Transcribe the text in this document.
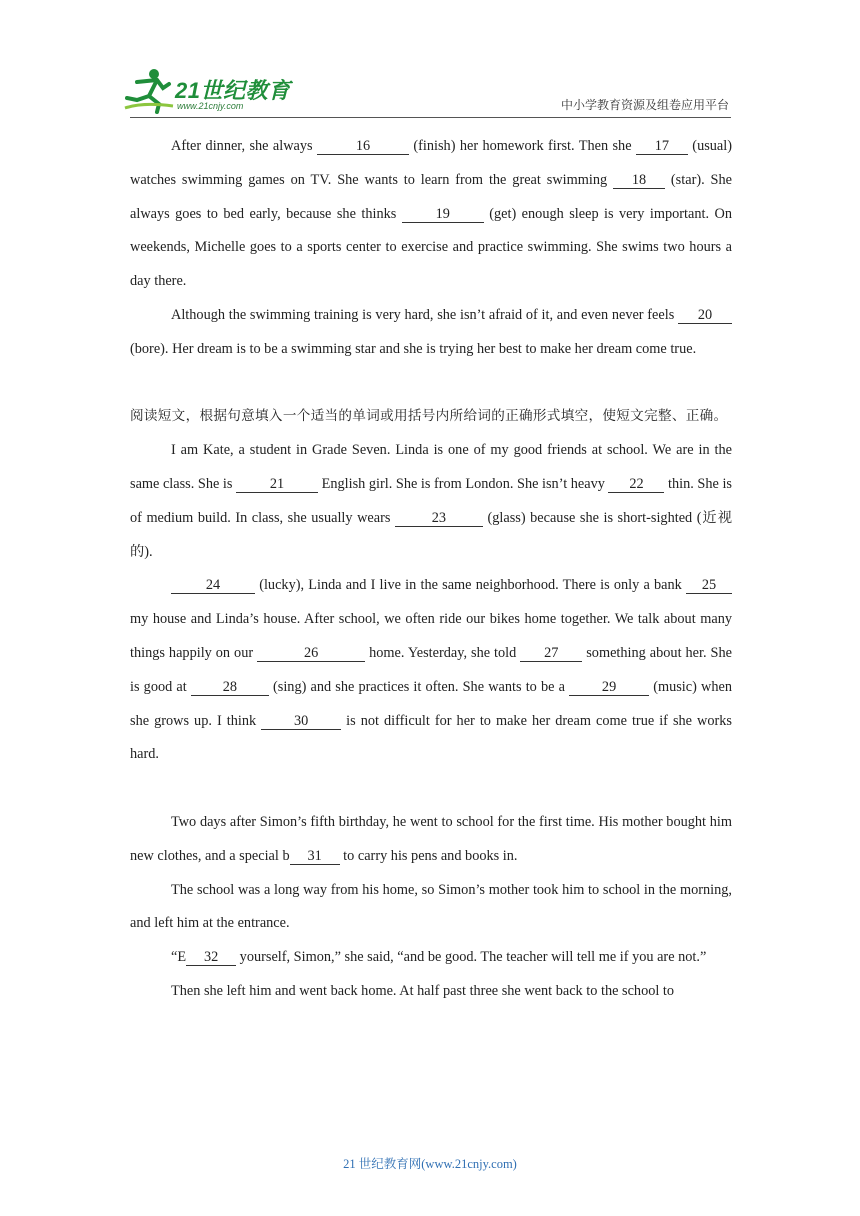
21世纪教育
www.21cnjy.com	中小学教育资源及组卷应用平台

After dinner, she always	16	(finish) her homework first. Then she 17 (usual) watches swimming games on TV. She wants to learn from the great swimming 18 (star). She always goes to bed early, because she thinks 19 (get) enough sleep is very important. On weekends, Michelle goes to a sports center to exercise and practice swimming. She swims two hours a day there.

Although the swimming training is very hard, she isn’t afraid of it, and even never feels 20 (bore). Her dream is to be a swimming star and she is trying her best to make her dream come true.

阅读短文，根据句意填入一个适当的单词或用括号内所给词的正确形式填空，使短文完整、正确。

I am Kate, a student in Grade Seven. Linda is one of my good friends at school. We are in the same class. She is 21 English girl. She is from London. She isn’t heavy 22 thin. She is of medium build. In class, she usually wears	23	(glass) because she is short-sighted (近视的).

24 (lucky), Linda and I live in the same neighborhood. There is only a bank 25 my house and Linda’s house. After school, we often ride our bikes home together. We talk about many things happily on our	26	home. Yesterday, she told 27 something about her. She is good at 28 (sing) and she practices it often. She wants to be a 29 (music) when she grows up. I think 30 is not difficult for her to make her dream come true if she works hard.

Two days after Simon’s fifth birthday, he went to school for the first time. His mother bought him new clothes, and a special b 31 to carry his pens and books in.

The school was a long way from his home, so Simon’s mother took him to school in the morning, and left him at the entrance.

“E 32 yourself, Simon,” she said, “and be good. The teacher will tell me if you are not.”

Then she left him and went back home. At half past three she went back to the school to

21 世纪教育网(www.21cnjy.com)
